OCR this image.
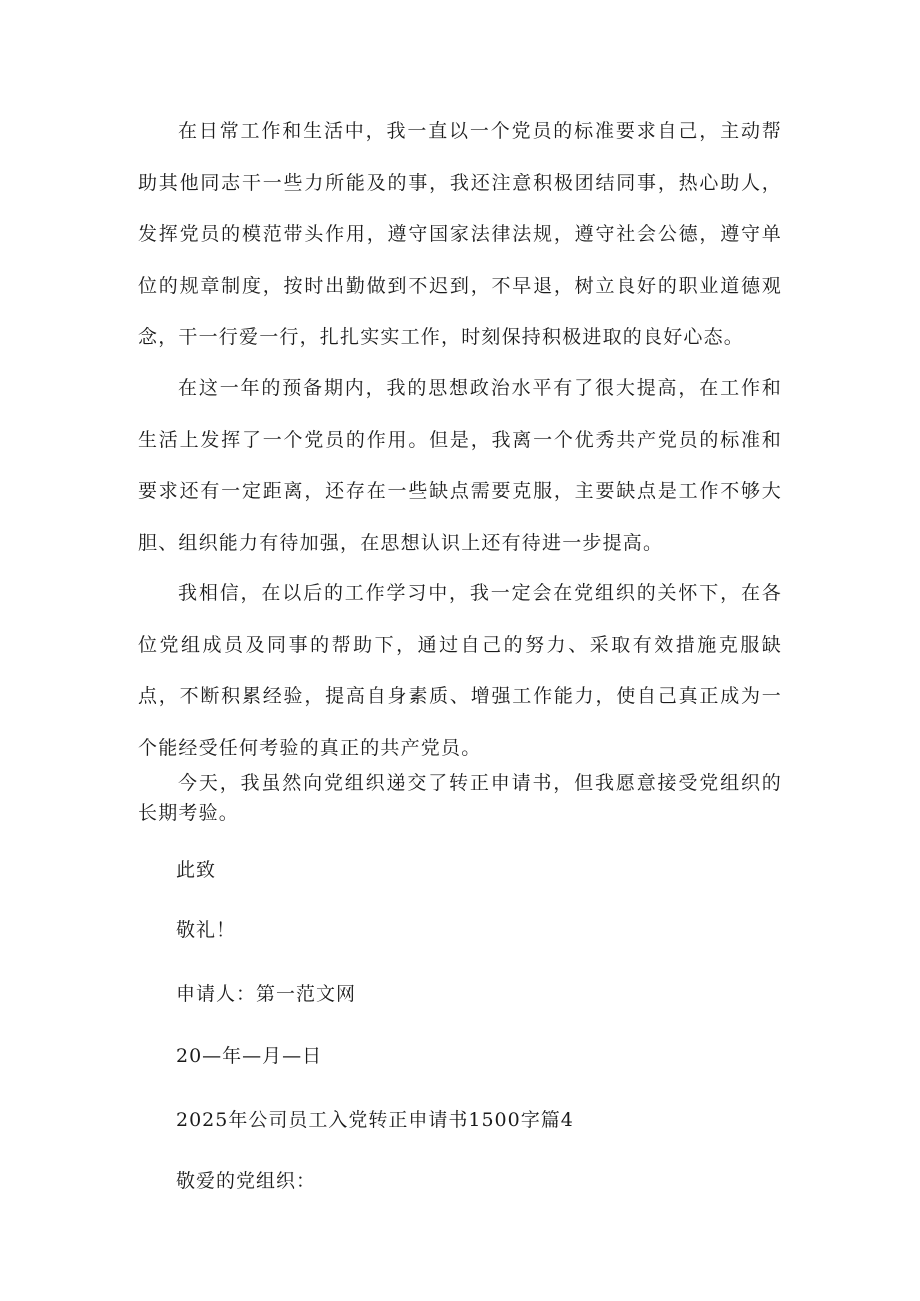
在日常工作和生活中，我一直以一个党员的标准要求自己，主动帮助其他同志干一些力所能及的事，我还注意积极团结同事，热心助人，发挥党员的模范带头作用，遵守国家法律法规，遵守社会公德，遵守单位的规章制度，按时出勤做到不迟到，不早退，树立良好的职业道德观念，干一行爱一行，扎扎实实工作，时刻保持积极进取的良好心态。

在这一年的预备期内，我的思想政治水平有了很大提高，在工作和生活上发挥了一个党员的作用。但是，我离一个优秀共产党员的标准和要求还有一定距离，还存在一些缺点需要克服，主要缺点是工作不够大胆、组织能力有待加强，在思想认识上还有待进一步提高。

我相信，在以后的工作学习中，我一定会在党组织的关怀下，在各位党组成员及同事的帮助下，通过自己的努力、采取有效措施克服缺点，不断积累经验，提高自身素质、增强工作能力，使自己真正成为一个能经受任何考验的真正的共产党员。

今天，我虽然向党组织递交了转正申请书，但我愿意接受党组织的长期考验。

此致

敬礼！

申请人：第一范文网

20—年—月—日

2025年公司员工入党转正申请书1500字篇4

敬爱的党组织：
